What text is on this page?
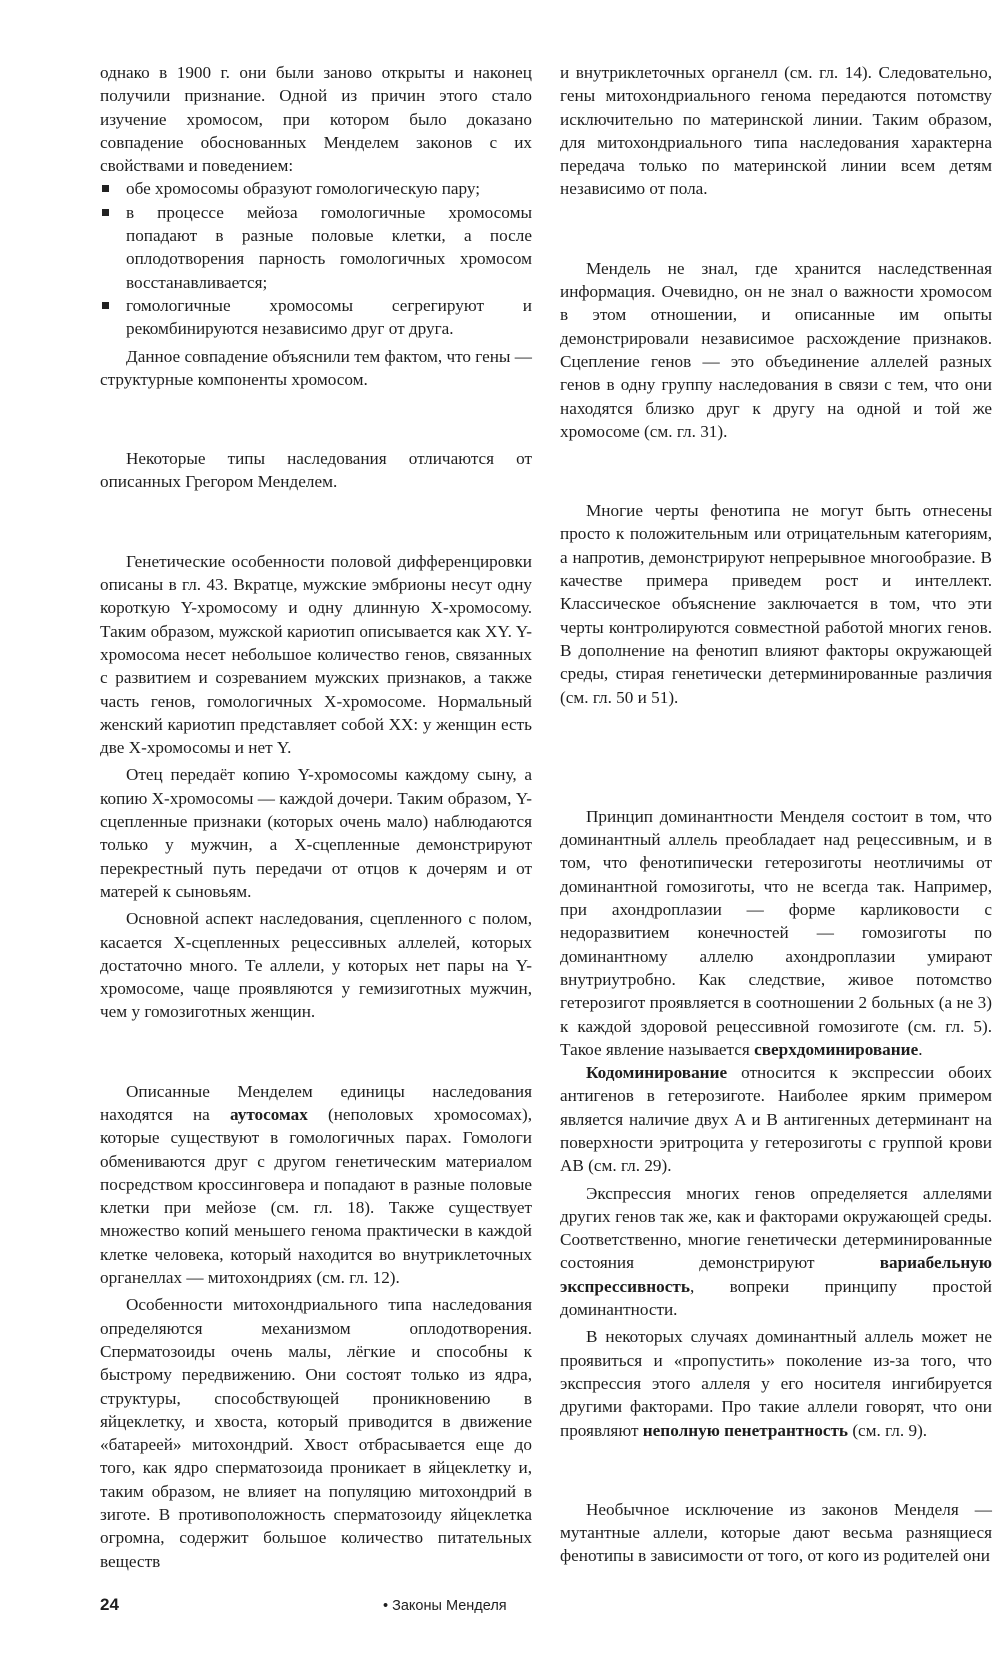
однако в 1900 г. они были заново открыты и наконец получили признание. Одной из причин этого стало изучение хромосом, при котором было доказано совпадение обоснованных Менделем законов с их свойствами и поведением:

обе хромосомы образуют гомологическую пару;

в процессе мейоза гомологичные хромосомы попадают в разные половые клетки, а после оплодотворения парность гомологичных хромосом восстанавливается;

гомологичные хромосомы сегрегируют и рекомбинируются независимо друг от друга.

Данное совпадение объяснили тем фактом, что гены — структурные компоненты хромосом.

Некоторые типы наследования отличаются от описанных Грегором Менделем.

Генетические особенности половой дифференцировки описаны в гл. 43. Вкратце, мужские эмбрионы несут одну короткую Y-хромосому и одну длинную X-хромосому. Таким образом, мужской кариотип описывается как XY. Y-хромосома несет небольшое количество генов, связанных с развитием и созреванием мужских признаков, а также часть генов, гомологичных X-хромосоме. Нормальный женский кариотип представляет собой XX: у женщин есть две X-хромосомы и нет Y.

Отец передаёт копию Y-хромосомы каждому сыну, а копию X-хромосомы — каждой дочери. Таким образом, Y-сцепленные признаки (которых очень мало) наблюдаются только у мужчин, а X-сцепленные демонстрируют перекрестный путь передачи от отцов к дочерям и от матерей к сыновьям.

Основной аспект наследования, сцепленного с полом, касается X-сцепленных рецессивных аллелей, которых достаточно много. Те аллели, у которых нет пары на Y-хромосоме, чаще проявляются у гемизиготных мужчин, чем у гомозиготных женщин.

Описанные Менделем единицы наследования находятся на аутосомах (неполовых хромосомах), которые существуют в гомологичных парах. Гомологи обмениваются друг с другом генетическим материалом посредством кроссинговера и попадают в разные половые клетки при мейозе (см. гл. 18). Также существует множество копий меньшего генома практически в каждой клетке человека, который находится во внутриклеточных органеллах — митохондриях (см. гл. 12).

Особенности митохондриального типа наследования определяются механизмом оплодотворения. Сперматозоиды очень малы, лёгкие и способны к быстрому передвижению. Они состоят только из ядра, структуры, способствующей проникновению в яйцеклетку, и хвоста, который приводится в движение «батареей» митохондрий. Хвост отбрасывается еще до того, как ядро сперматозоида проникает в яйцеклетку и, таким образом, не влияет на популяцию митохондрий в зиготе. В противоположность сперматозоиду яйцеклетка огромна, содержит большое количество питательных веществ

и внутриклеточных органелл (см. гл. 14). Следовательно, гены митохондриального генома передаются потомству исключительно по материнской линии. Таким образом, для митохондриального типа наследования характерна передача только по материнской линии всем детям независимо от пола.

Мендель не знал, где хранится наследственная информация. Очевидно, он не знал о важности хромосом в этом отношении, и описанные им опыты демонстрировали независимое расхождение признаков. Сцепление генов — это объединение аллелей разных генов в одну группу наследования в связи с тем, что они находятся близко друг к другу на одной и той же хромосоме (см. гл. 31).

Многие черты фенотипа не могут быть отнесены просто к положительным или отрицательным категориям, а напротив, демонстрируют непрерывное многообразие. В качестве примера приведем рост и интеллект. Классическое объяснение заключается в том, что эти черты контролируются совместной работой многих генов. В дополнение на фенотип влияют факторы окружающей среды, стирая генетически детерминированные различия (см. гл. 50 и 51).

Принцип доминантности Менделя состоит в том, что доминантный аллель преобладает над рецессивным, и в том, что фенотипически гетерозиготы неотличимы от доминантной гомозиготы, что не всегда так. Например, при ахондроплазии — форме карликовости с недоразвитием конечностей — гомозиготы по доминантному аллелю ахондроплазии умирают внутриутробно. Как следствие, живое потомство гетерозигот проявляется в соотношении 2 больных (а не 3) к каждой здоровой рецессивной гомозиготе (см. гл. 5). Такое явление называется сверхдоминирование.

Кодоминирование относится к экспрессии обоих антигенов в гетерозиготе. Наиболее ярким примером является наличие двух A и B антигенных детерминант на поверхности эритроцита у гетерозиготы с группой крови AB (см. гл. 29).

Экспрессия многих генов определяется аллелями других генов так же, как и факторами окружающей среды. Соответственно, многие генетически детерминированные состояния демонстрируют вариабельную экспрессивность, вопреки принципу простой доминантности.

В некоторых случаях доминантный аллель может не проявиться и «пропустить» поколение из-за того, что экспрессия этого аллеля у его носителя ингибируется другими факторами. Про такие аллели говорят, что они проявляют неполную пенетрантность (см. гл. 9).

Необычное исключение из законов Менделя — мутантные аллели, которые дают весьма разнящиеся фенотипы в зависимости от того, от кого из родителей они

24	• Законы Менделя
